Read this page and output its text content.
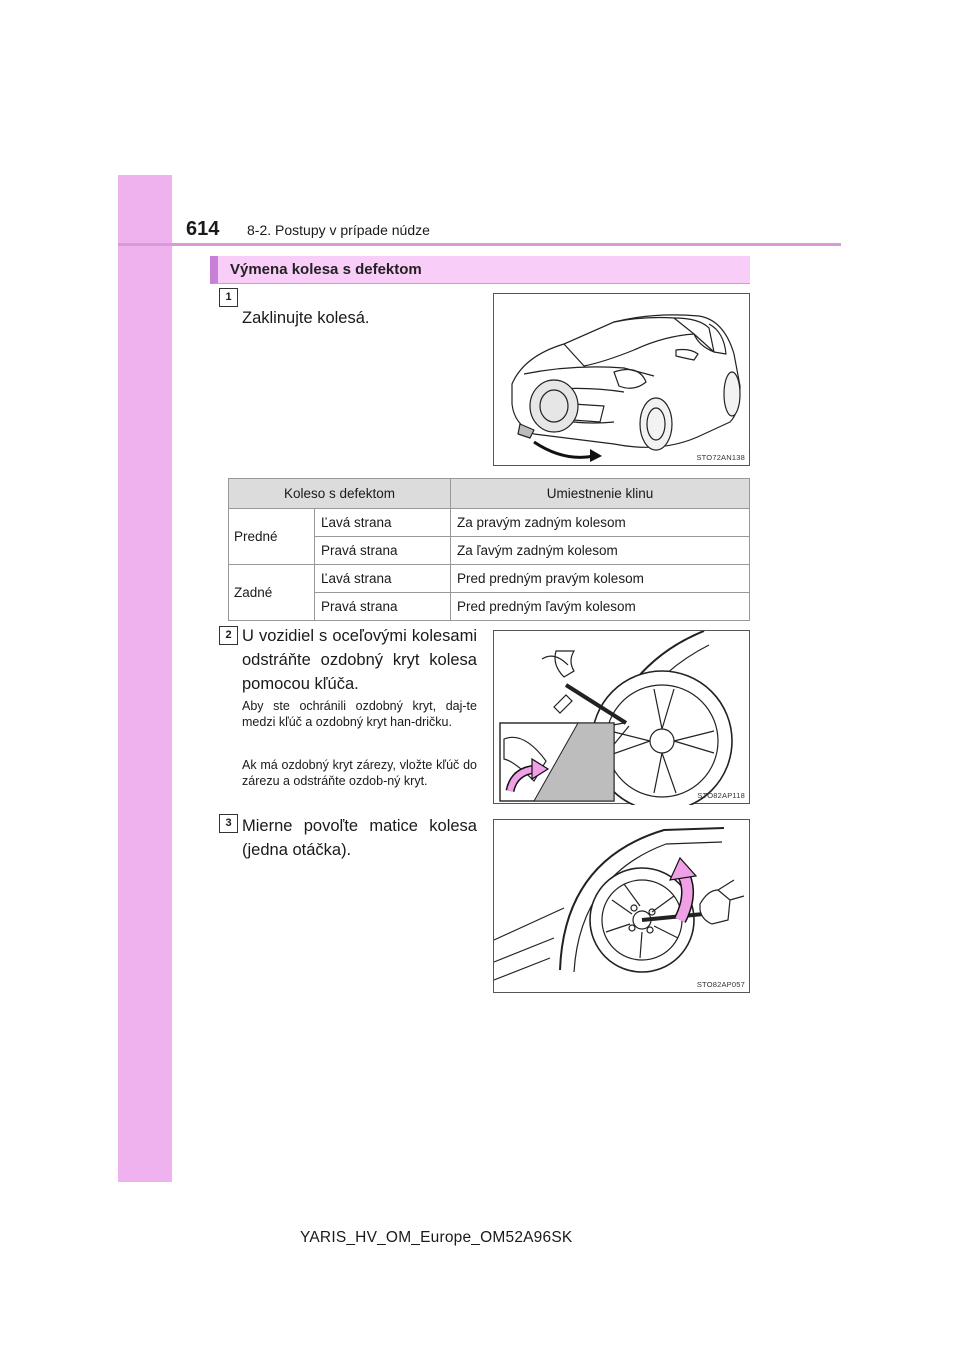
614 8-2. Postupy v prípade núdze
Výmena kolesa s defektom
1
Zaklinujte kolesá.
STO72AN138
Koleso s defektom		Umiestnenie klinu
Predné	Ľavá strana	Za pravým zadným kolesom
	Pravá strana	Za ľavým zadným kolesom
Zadné	Ľavá strana	Pred predným pravým kolesom
	Pravá strana	Pred predným ľavým kolesom
2 U vozidiel s oceľovými kolesami odstráňte ozdobný kryt kolesa pomocou kľúča.
Aby ste ochránili ozdobný kryt, daj-te medzi kľúč a ozdobný kryt han-dričku.
Ak má ozdobný kryt zárezy, vložte kľúč do zárezu a odstráňte ozdob-ný kryt.
STO82AP118
3 Mierne povoľte matice kolesa (jedna otáčka).
STO82AP057
YARIS_HV_OM_Europe_OM52A96SK
